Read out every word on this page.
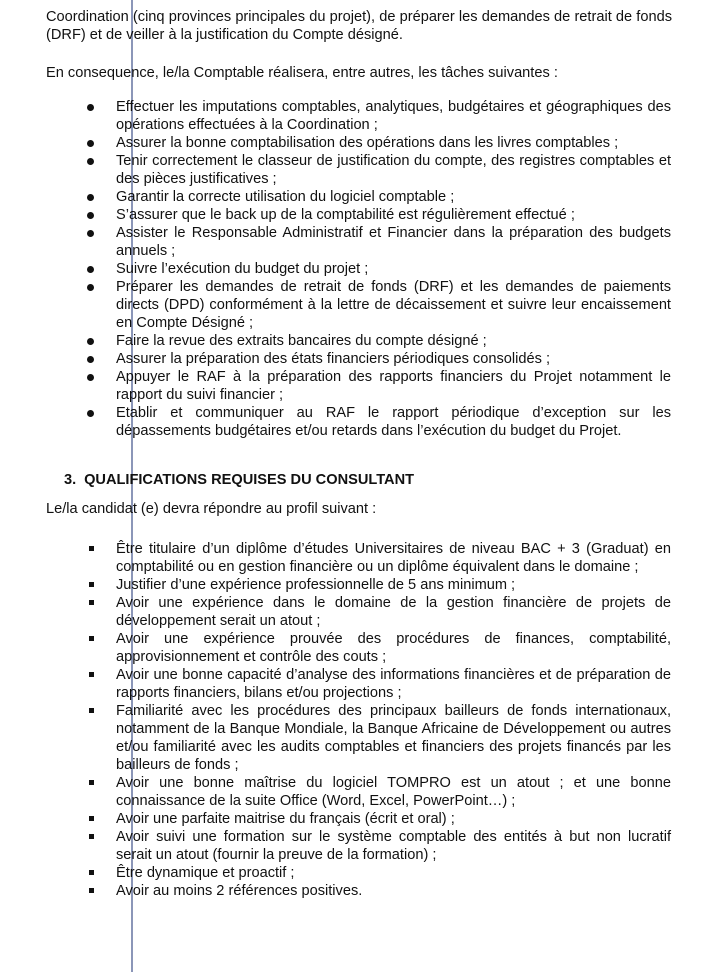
Coordination (cinq provinces principales du projet), de préparer les demandes de retrait de fonds (DRF) et de veiller à la justification du Compte désigné.

En consequence, le/la Comptable réalisera, entre autres, les tâches suivantes :

Effectuer les imputations comptables, analytiques, budgétaires et géographiques des opérations effectuées à la Coordination ;
Assurer la bonne comptabilisation des opérations dans les livres comptables ;
Tenir correctement le classeur de justification du compte, des registres comptables et des pièces justificatives ;
Garantir la correcte utilisation du logiciel comptable ;
S’assurer que le back up de la comptabilité est régulièrement effectué ;
Assister le Responsable Administratif et Financier dans la préparation des budgets annuels ;
Suivre l’exécution du budget du projet ;
Préparer les demandes de retrait de fonds (DRF) et les demandes de paiements directs (DPD) conformément à la lettre de décaissement et suivre leur encaissement en Compte Désigné ;
Faire la revue des extraits bancaires du compte désigné ;
Assurer la préparation des états financiers périodiques consolidés ;
Appuyer le RAF à la préparation des rapports financiers du Projet notamment le rapport du suivi financier ;
Etablir et communiquer au RAF le rapport périodique d’exception sur les dépassements budgétaires et/ou retards dans l’exécution du budget du Projet.

3. QUALIFICATIONS REQUISES DU CONSULTANT

Le/la candidat (e) devra répondre au profil suivant :

Être titulaire d’un diplôme d’études Universitaires de niveau BAC + 3 (Graduat) en comptabilité ou en gestion financière ou un diplôme équivalent dans le domaine ;
Justifier d’une expérience professionnelle de 5 ans minimum ;
Avoir une expérience dans le domaine de la gestion financière de projets de développement serait un atout ;
Avoir une expérience prouvée des procédures de finances, comptabilité, approvisionnement et contrôle des couts ;
Avoir une bonne capacité d’analyse des informations financières et de préparation de rapports financiers, bilans et/ou projections ;
Familiarité avec les procédures des principaux bailleurs de fonds internationaux, notamment de la Banque Mondiale, la Banque Africaine de Développement ou autres et/ou familiarité avec les audits comptables et financiers des projets financés par les bailleurs de fonds ;
Avoir une bonne maîtrise du logiciel TOMPRO est un atout ; et une bonne connaissance de la suite Office (Word, Excel, PowerPoint…) ;
Avoir une parfaite maitrise du français (écrit et oral) ;
Avoir suivi une formation sur le système comptable des entités à but non lucratif serait un atout (fournir la preuve de la formation) ;
Être dynamique et proactif ;
Avoir au moins 2 références positives.
